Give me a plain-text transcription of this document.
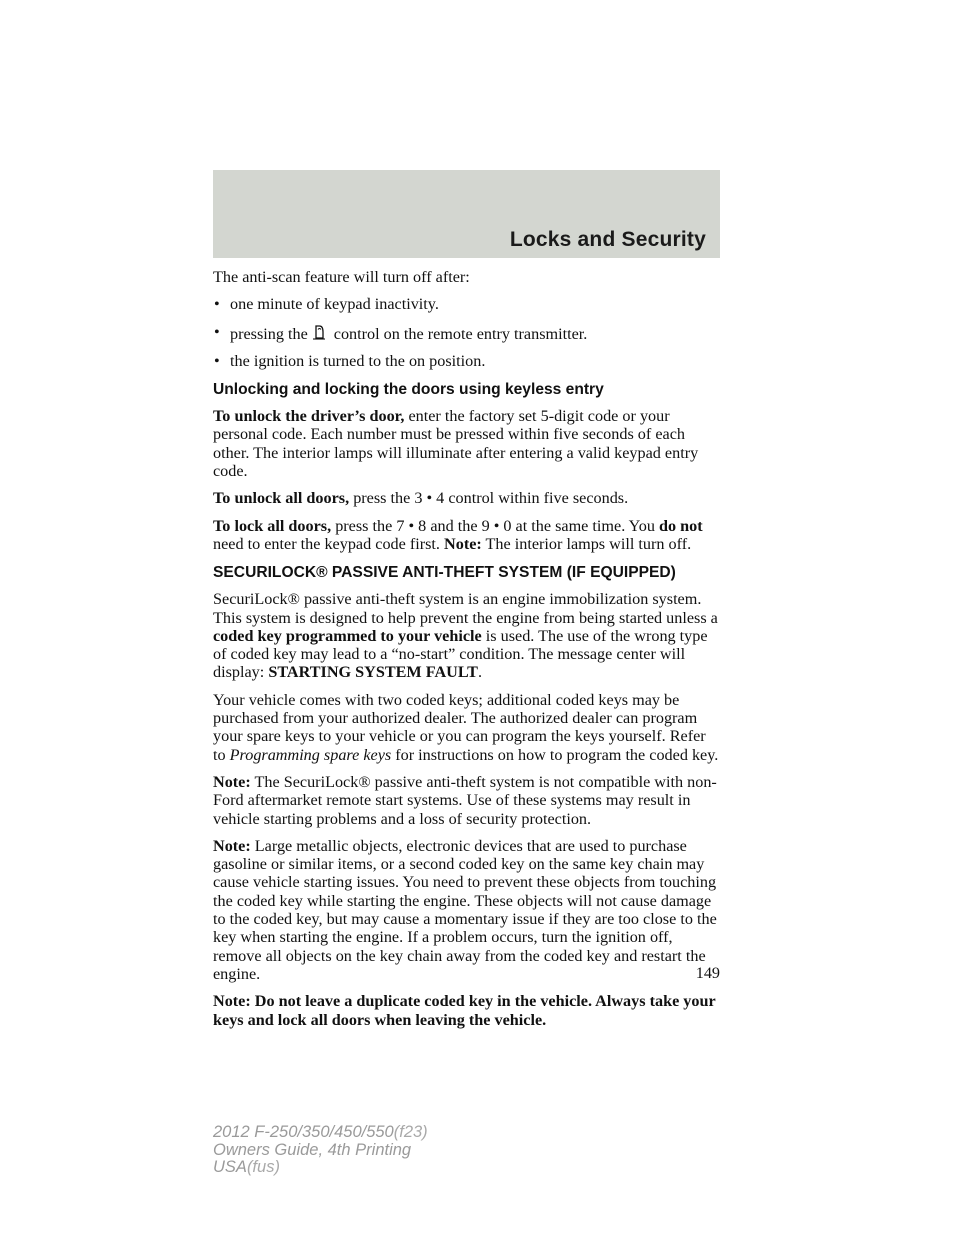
Locks and Security

The anti-scan feature will turn off after:

• one minute of keypad inactivity.
• pressing the control on the remote entry transmitter.
• the ignition is turned to the on position.
Unlocking and locking the doors using keyless entry

To unlock the driver’s door, enter the factory set 5-digit code or your personal code. Each number must be pressed within five seconds of each other. The interior lamps will illuminate after entering a valid keypad entry code.

To unlock all doors, press the 3 • 4 control within five seconds.

To lock all doors, press the 7 • 8 and the 9 • 0 at the same time. You do not need to enter the keypad code first. Note: The interior lamps will turn off.

SECURILOCK® PASSIVE ANTI-THEFT SYSTEM (IF EQUIPPED)

SecuriLock® passive anti-theft system is an engine immobilization system. This system is designed to help prevent the engine from being started unless a coded key programmed to your vehicle is used. The use of the wrong type of coded key may lead to a “no-start” condition. The message center will display: STARTING SYSTEM FAULT.

Your vehicle comes with two coded keys; additional coded keys may be purchased from your authorized dealer. The authorized dealer can program your spare keys to your vehicle or you can program the keys yourself. Refer to Programming spare keys for instructions on how to program the coded key.

Note: The SecuriLock® passive anti-theft system is not compatible with non-Ford aftermarket remote start systems. Use of these systems may result in vehicle starting problems and a loss of security protection.

Note: Large metallic objects, electronic devices that are used to purchase gasoline or similar items, or a second coded key on the same key chain may cause vehicle starting issues. You need to prevent these objects from touching the coded key while starting the engine. These objects will not cause damage to the coded key, but may cause a momentary issue if they are too close to the key when starting the engine. If a problem occurs, turn the ignition off, remove all objects on the key chain away from the coded key and restart the engine.

Note: Do not leave a duplicate coded key in the vehicle. Always take your keys and lock all doors when leaving the vehicle.

149
2012 F-250/350/450/550(f23)
Owners Guide, 4th Printing
USA(fus)
